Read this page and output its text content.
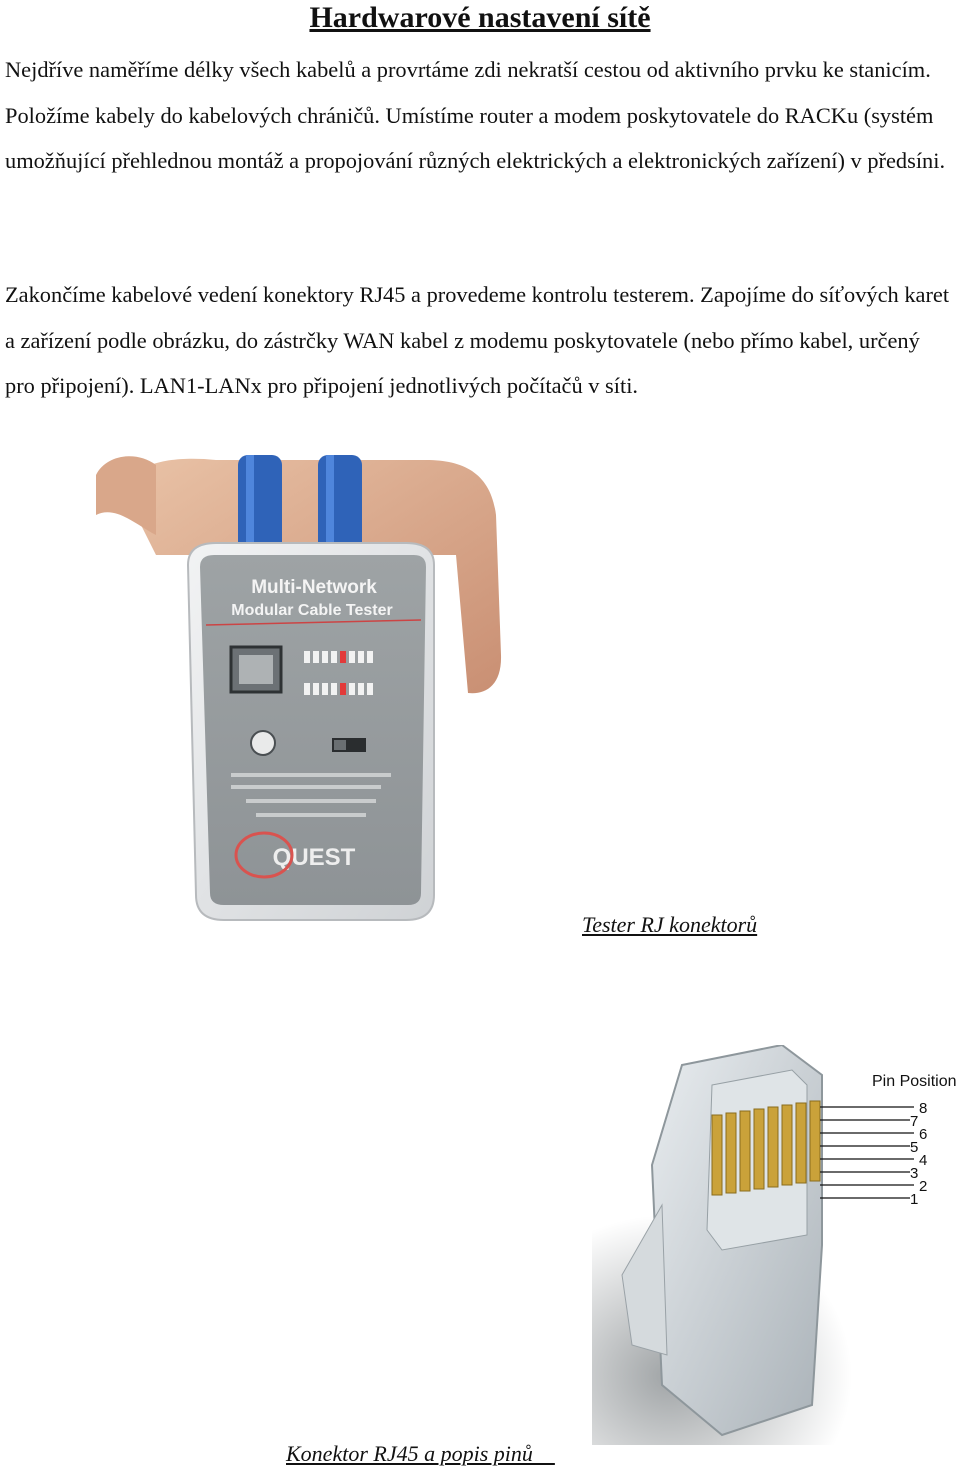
Hardwarové nastavení sítě

Nejdříve naměříme délky všech kabelů a provrtáme zdi nekratší cestou od aktivního prvku ke stanicím. Položíme kabely do kabelových chráničů. Umístíme router a modem poskytovatele do RACKu (systém umožňující přehlednou montáž a propojování různých elektrických a elektronických zařízení) v předsíni.

Zakončíme kabelové vedení konektory RJ45 a provedeme kontrolu testerem. Zapojíme do síťových karet a zařízení podle obrázku, do zástrčky WAN kabel z modemu poskytovatele (nebo přímo kabel, určený pro připojení). LAN1-LANx pro připojení jednotlivých počítačů v síti.

Multi-Network
Modular Cable Tester
QUEST

Tester RJ konektorů

Pin Position
8
7
6
5
4
3
2
1

Konektor RJ45 a popis pinů
